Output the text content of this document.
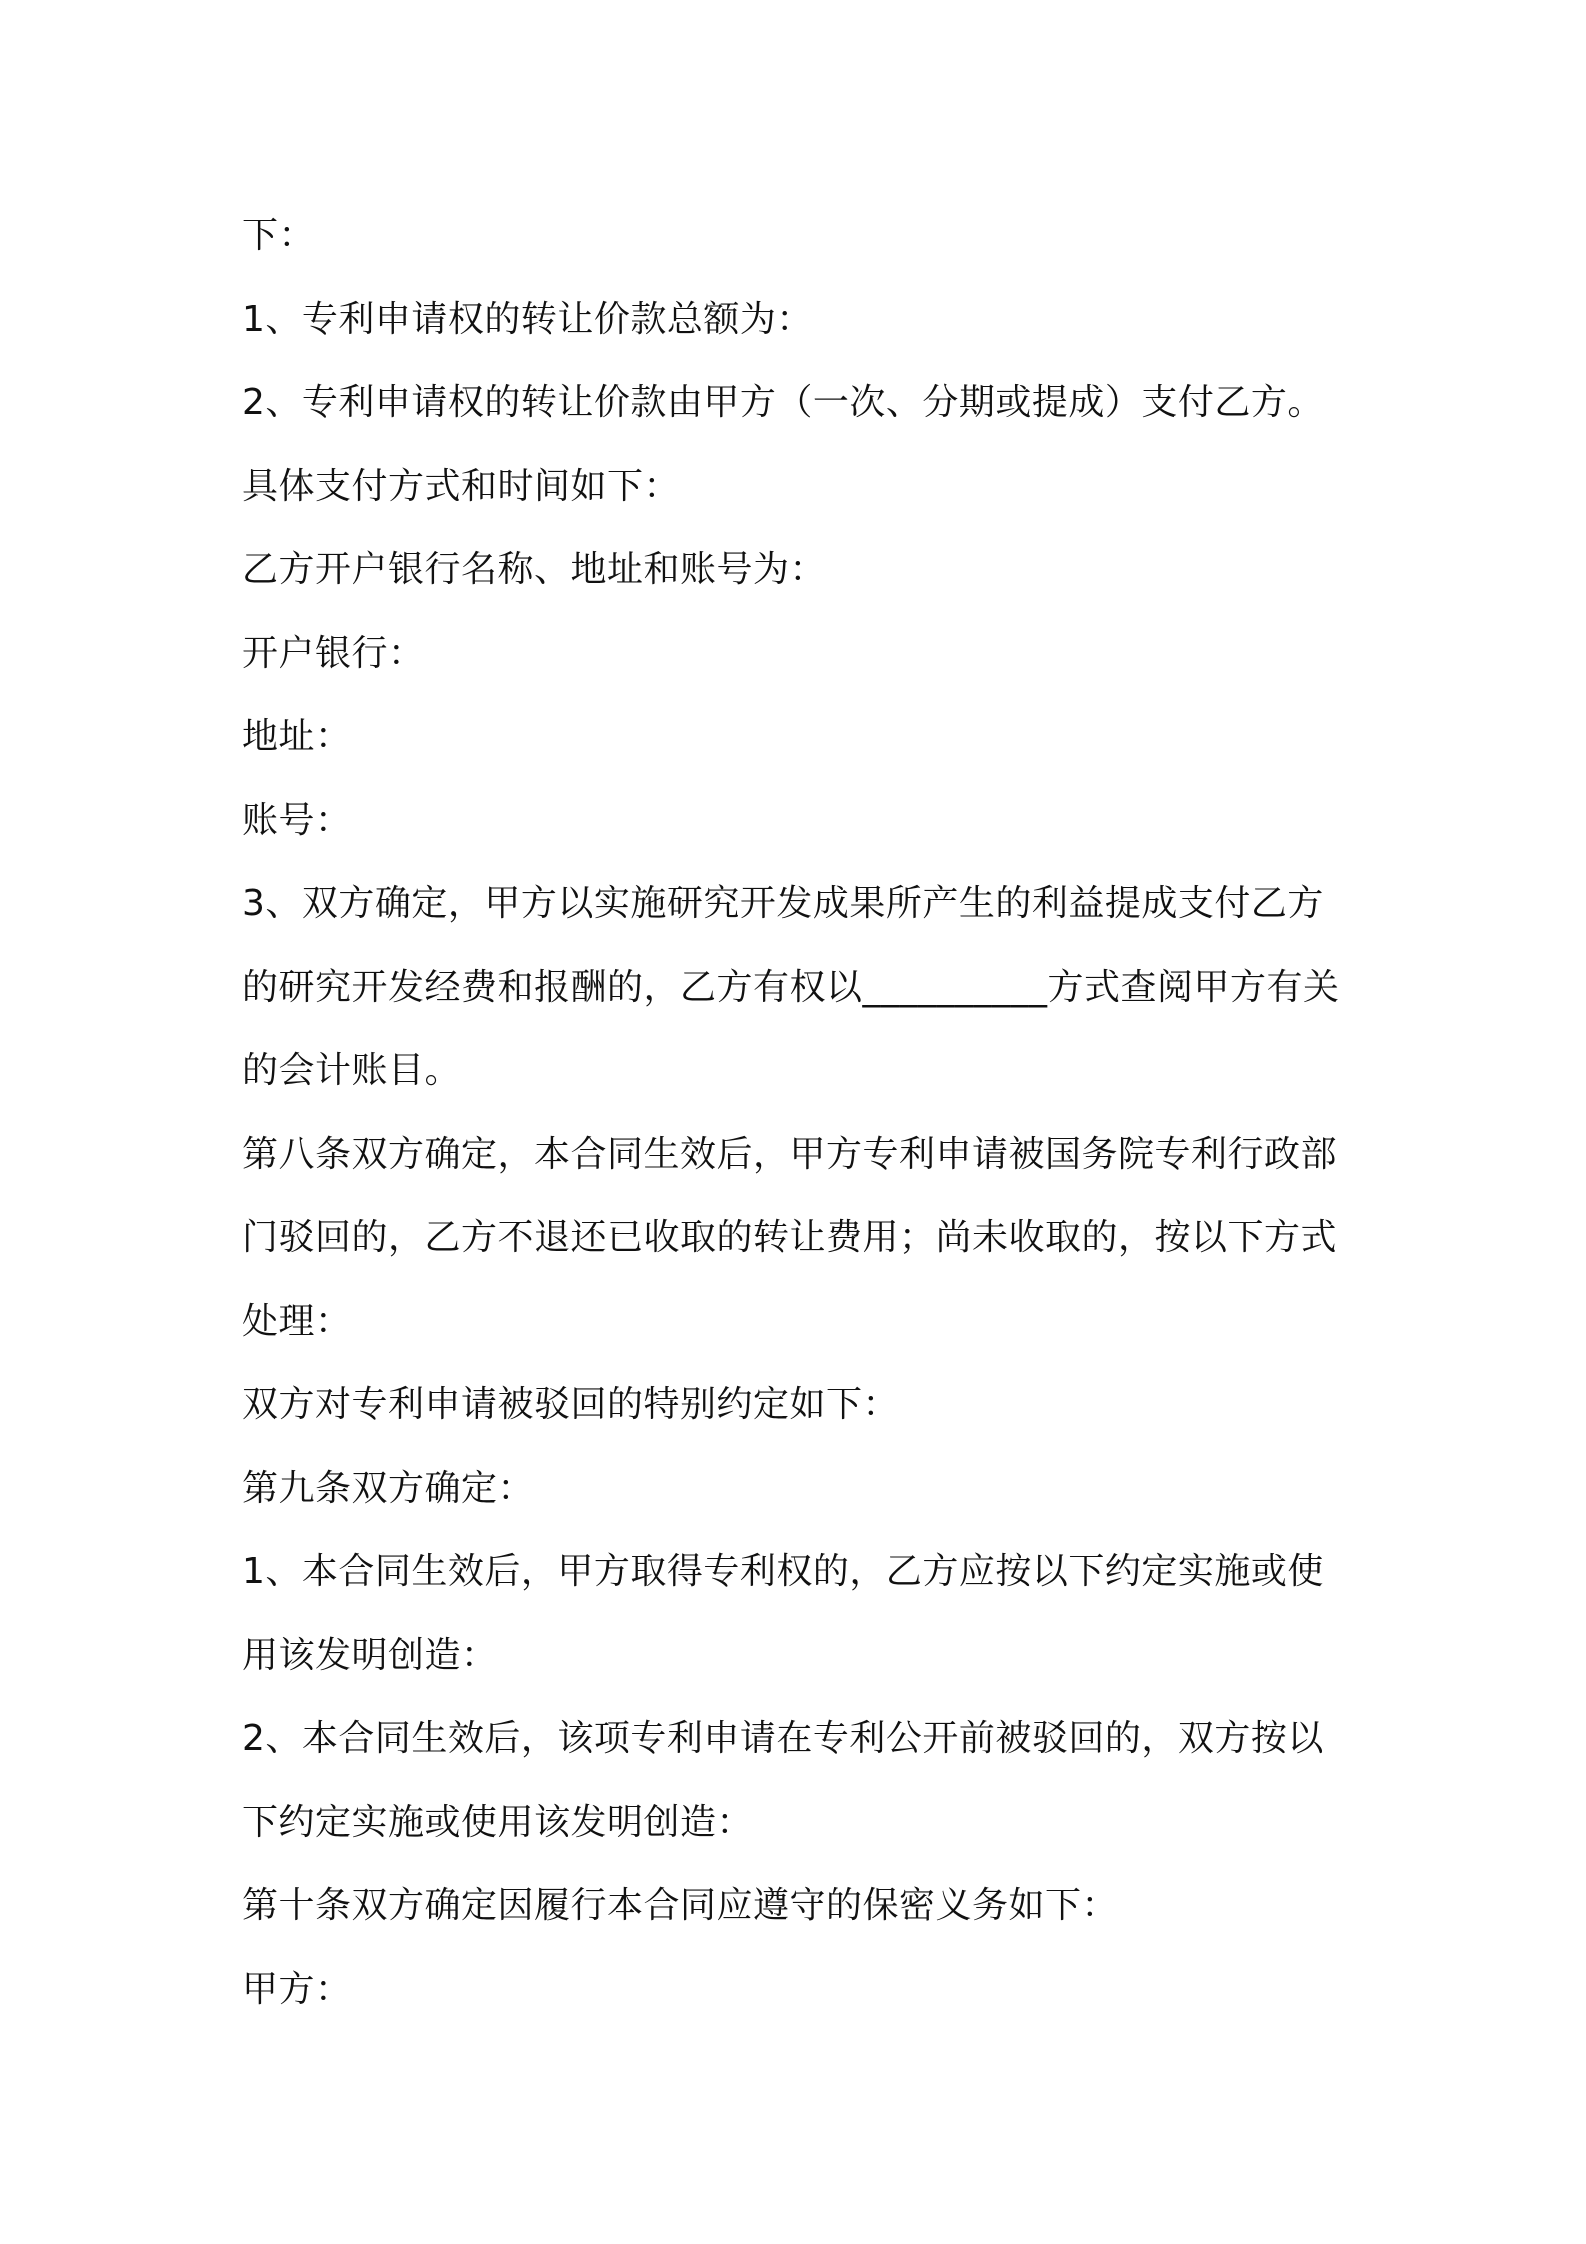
下：
1、专利申请权的转让价款总额为：
2、专利申请权的转让价款由甲方（一次、分期或提成）支付乙方。
具体支付方式和时间如下：
乙方开户银行名称、地址和账号为：
开户银行：
地址：
账号：
3、双方确定，甲方以实施研究开发成果所产生的利益提成支付乙方
的研究开发经费和报酬的，乙方有权以__________方式查阅甲方有关
的会计账目。
第八条双方确定，本合同生效后，甲方专利申请被国务院专利行政部
门驳回的，乙方不退还已收取的转让费用；尚未收取的，按以下方式
处理：
双方对专利申请被驳回的特别约定如下：
第九条双方确定：
1、本合同生效后，甲方取得专利权的，乙方应按以下约定实施或使
用该发明创造：
2、本合同生效后，该项专利申请在专利公开前被驳回的，双方按以
下约定实施或使用该发明创造：
第十条双方确定因履行本合同应遵守的保密义务如下：
甲方：
